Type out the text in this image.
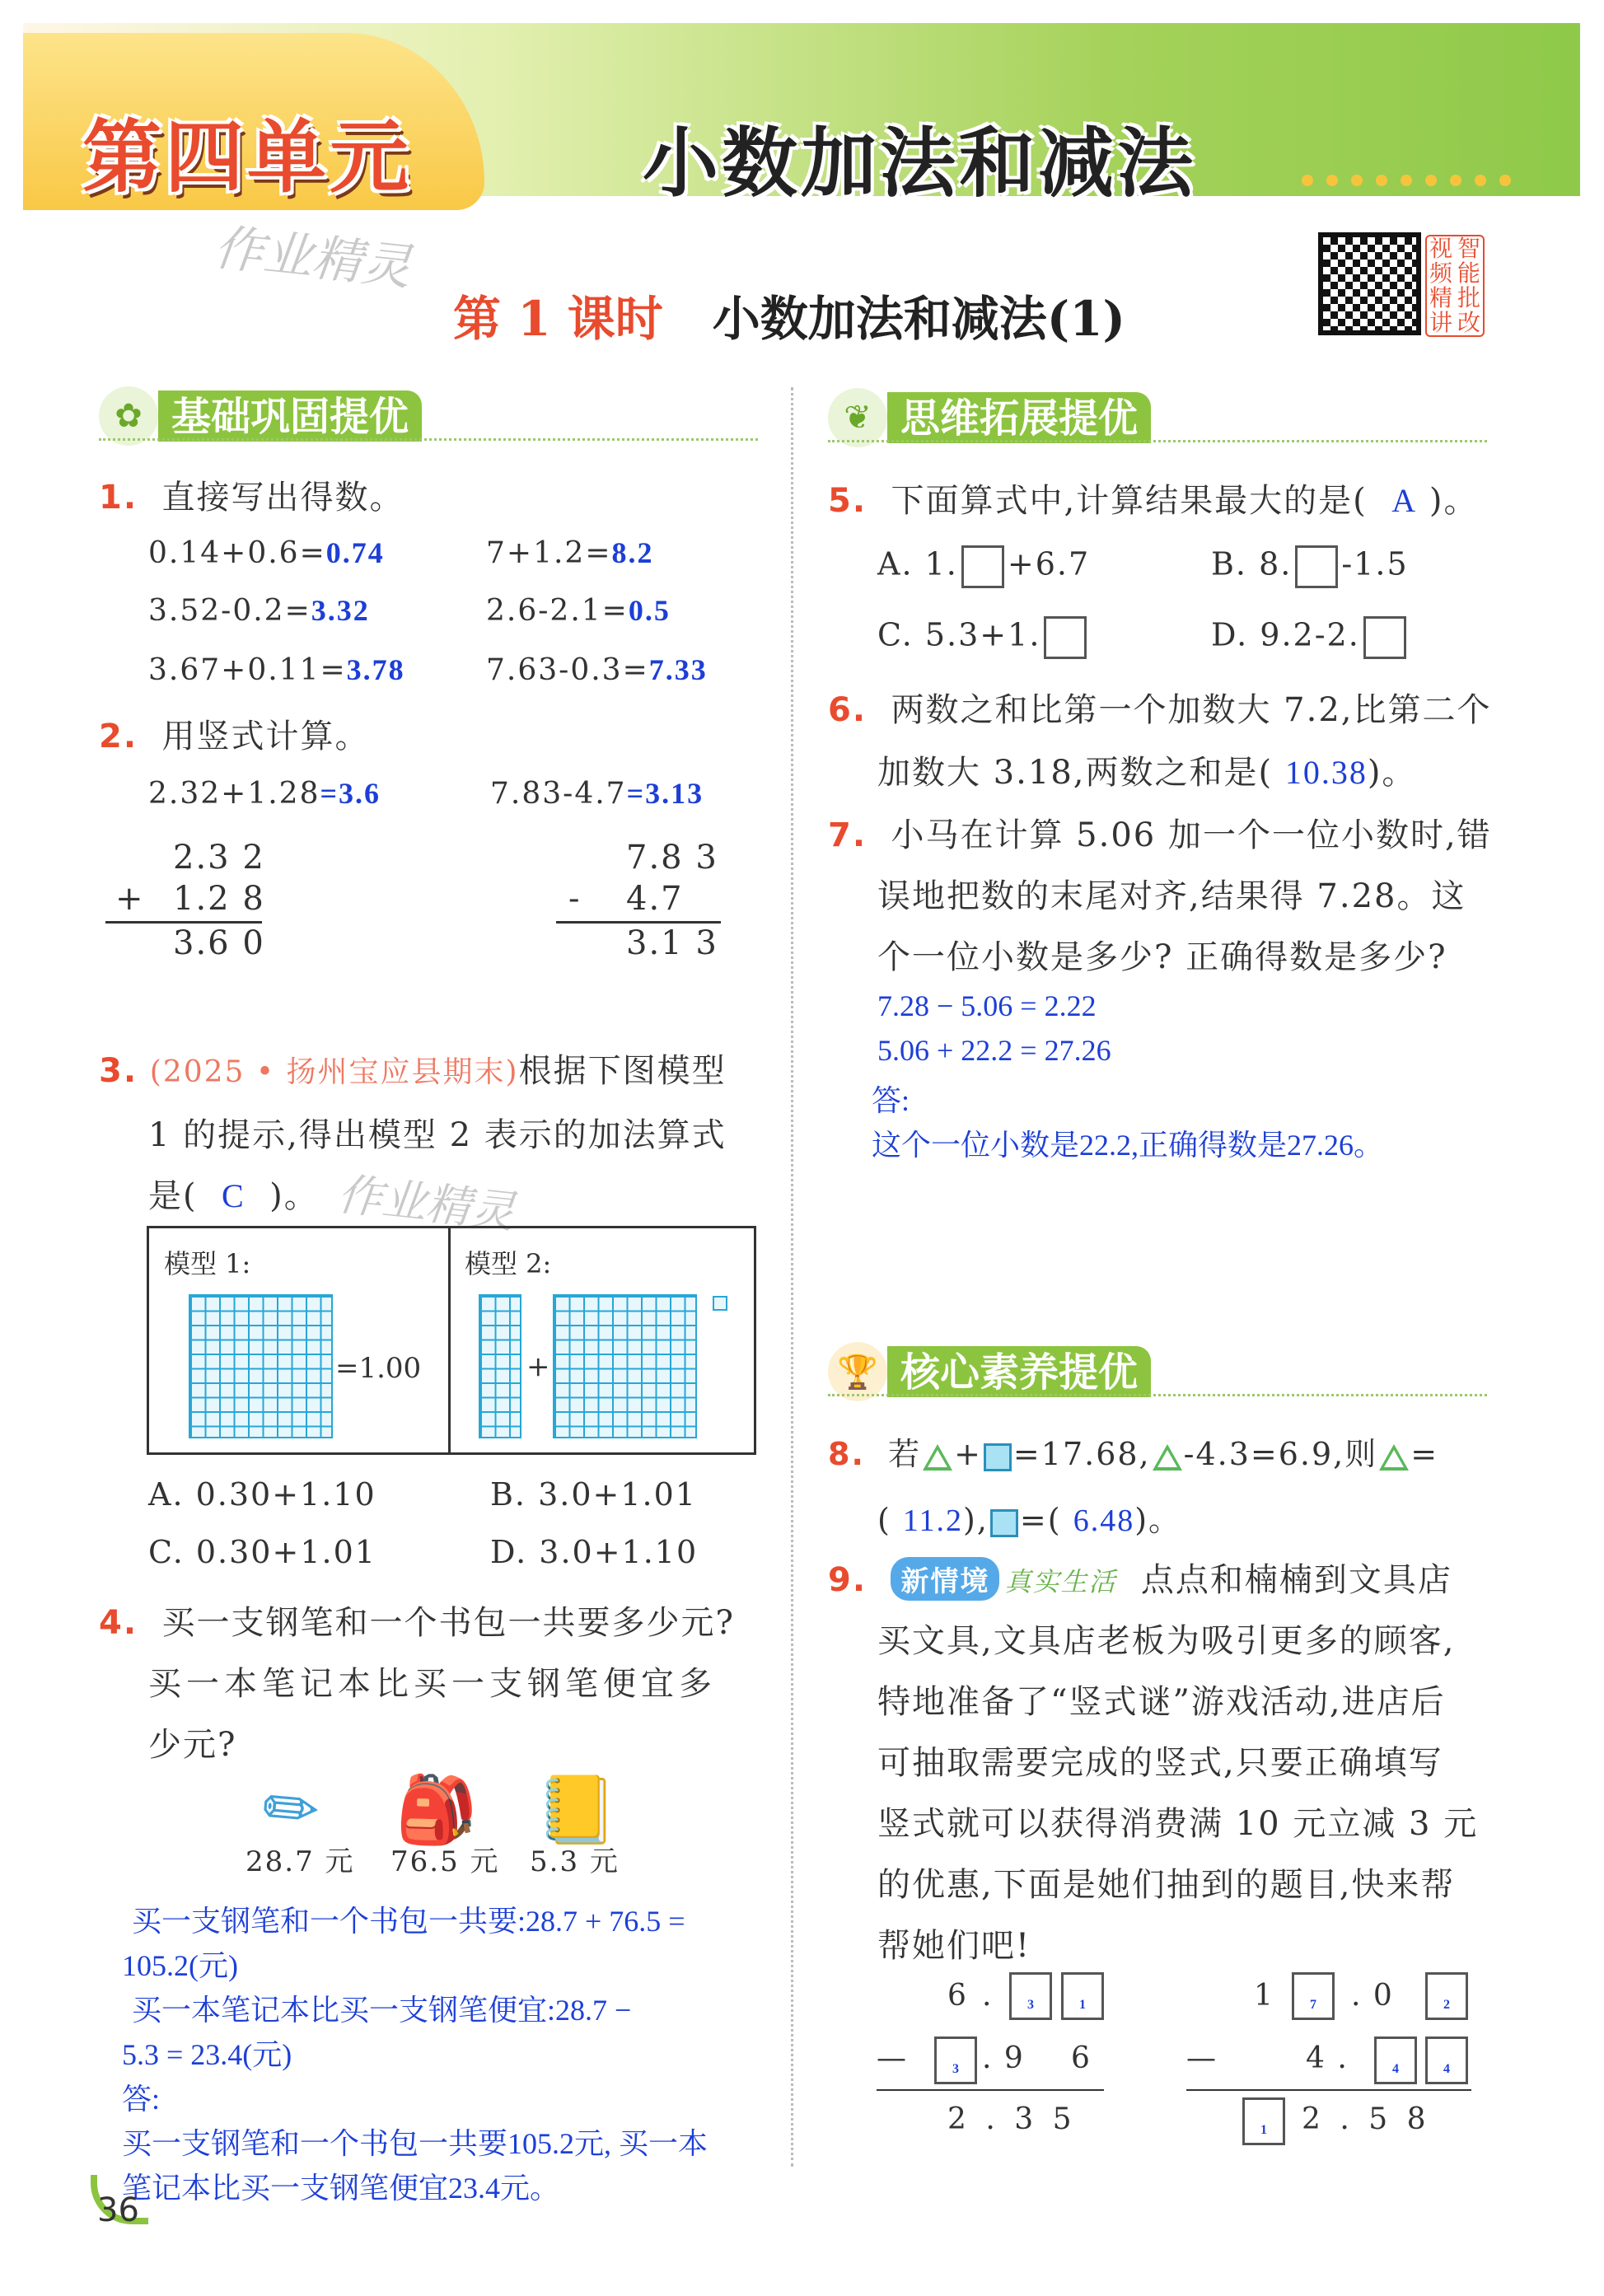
第四单元	小数加法和减法
作业精灵
第 1 课时 小数加法和减法(1)
视 智
频 能
精 批
讲 改
✿ 基础巩固提优
1. 直接写出得数。
0.14+0.6=0.74	7+1.2=8.2
3.52-0.2=3.32	2.6-2.1=0.5
3.67+0.11=3.78	7.63-0.3=7.33
2. 用竖式计算。
2.32+1.28=3.6	7.83-4.7=3.13
2.3 2
+ 1.2 8
3.6 0
7.8 3
- 4.7
3.1 3
3. (2025 • 扬州宝应县期末)根据下图模型
1 的提示,得出模型 2 表示的加法算式
是( C )。 作业精灵
模型 1:
=1.00
模型 2:
+
A. 0.30+1.10	B. 3.0+1.01
C. 0.30+1.01	D. 3.0+1.10
4. 买一支钢笔和一个书包一共要多少元?
买一本笔记本比买一支钢笔便宜多
少元?
✎ 🎒 📒
28.7 元 76.5 元 5.3 元
买一支钢笔和一个书包一共要:28.7 + 76.5 =
105.2(元)
买一本笔记本比买一支钢笔便宜:28.7 −
5.3 = 23.4(元)
答:
买一支钢笔和一个书包一共要105.2元, 买一本
笔记本比买一支钢笔便宜23.4元。
❦ 思维拓展提优
5. 下面算式中,计算结果最大的是( A )。
A. 1. +6.7	B. 8. -1.5
C. 5.3+1.	D. 9.2-2.
6. 两数之和比第一个加数大 7.2,比第二个
加数大 3.18,两数之和是( 10.38)。
7. 小马在计算 5.06 加一个一位小数时,错
误地把数的末尾对齐,结果得 7.28。这
个一位小数是多少? 正确得数是多少?
7.28 − 5.06 = 2.22
5.06 + 22.2 = 27.26
答:
这个一位小数是22.2,正确得数是27.26。
🏆 核心素养提优
8. 若 + =17.68, -4.3=6.9,则 =
( 11.2), =( 6.48)。
9. 新情境 真实生活 点点和楠楠到文具店
买文具,文具店老板为吸引更多的顾客,
特地准备了“竖式谜”游戏活动,进店后
可抽取需要完成的竖式,只要正确填写
竖式就可以获得消费满 10 元立减 3 元
的优惠,下面是她们抽到的题目,快来帮
帮她们吧!
6 .	3	1
—	3 . 9 6
2 . 3 5
1	7	. 0	2
—	4 .	4	4
1	2 . 5 8
36
